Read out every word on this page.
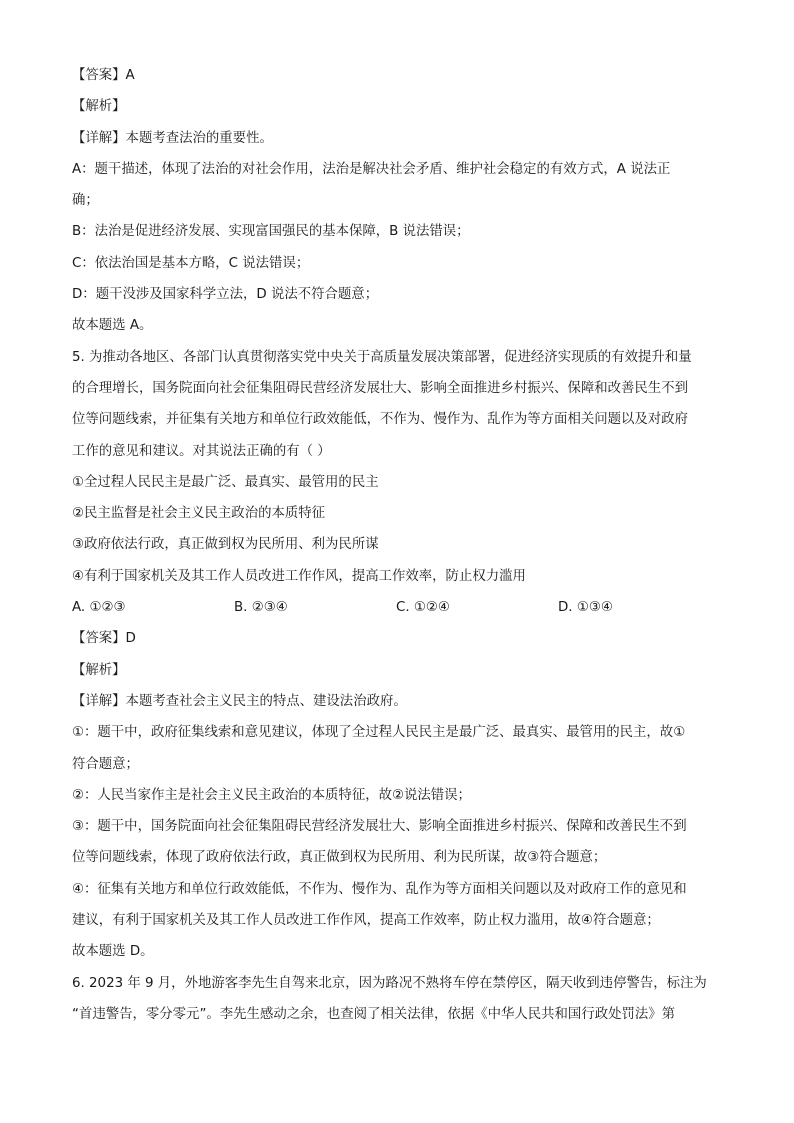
【答案】A
【解析】
【详解】本题考查法治的重要性。
A：题干描述，体现了法治的对社会作用，法治是解决社会矛盾、维护社会稳定的有效方式，A 说法正
确；
B：法治是促进经济发展、实现富国强民的基本保障，B 说法错误；
C：依法治国是基本方略，C 说法错误；
D：题干没涉及国家科学立法，D 说法不符合题意；
故本题选 A。
5. 为推动各地区、各部门认真贯彻落实党中央关于高质量发展决策部署，促进经济实现质的有效提升和量
的合理增长，国务院面向社会征集阻碍民营经济发展壮大、影响全面推进乡村振兴、保障和改善民生不到
位等问题线索，并征集有关地方和单位行政效能低，不作为、慢作为、乱作为等方面相关问题以及对政府
工作的意见和建议。对其说法正确的有（ ）
①全过程人民民主是最广泛、最真实、最管用的民主
②民主监督是社会主义民主政治的本质特征
③政府依法行政，真正做到权为民所用、利为民所谋
④有利于国家机关及其工作人员改进工作作风，提高工作效率，防止权力滥用
A. ①②③	B. ②③④	C. ①②④	D. ①③④
【答案】D
【解析】
【详解】本题考查社会主义民主的特点、建设法治政府。
①：题干中，政府征集线索和意见建议，体现了全过程人民民主是最广泛、最真实、最管用的民主，故①
符合题意；
②：人民当家作主是社会主义民主政治的本质特征，故②说法错误；
③：题干中，国务院面向社会征集阻碍民营经济发展壮大、影响全面推进乡村振兴、保障和改善民生不到
位等问题线索，体现了政府依法行政，真正做到权为民所用、利为民所谋，故③符合题意；
④：征集有关地方和单位行政效能低，不作为、慢作为、乱作为等方面相关问题以及对政府工作的意见和
建议，有利于国家机关及其工作人员改进工作作风，提高工作效率，防止权力滥用，故④符合题意；
故本题选 D。
6. 2023 年 9 月，外地游客李先生自驾来北京，因为路况不熟将车停在禁停区，隔天收到违停警告，标注为
“首违警告，零分零元”。李先生感动之余，也查阅了相关法律，依据《中华人民共和国行政处罚法》第
